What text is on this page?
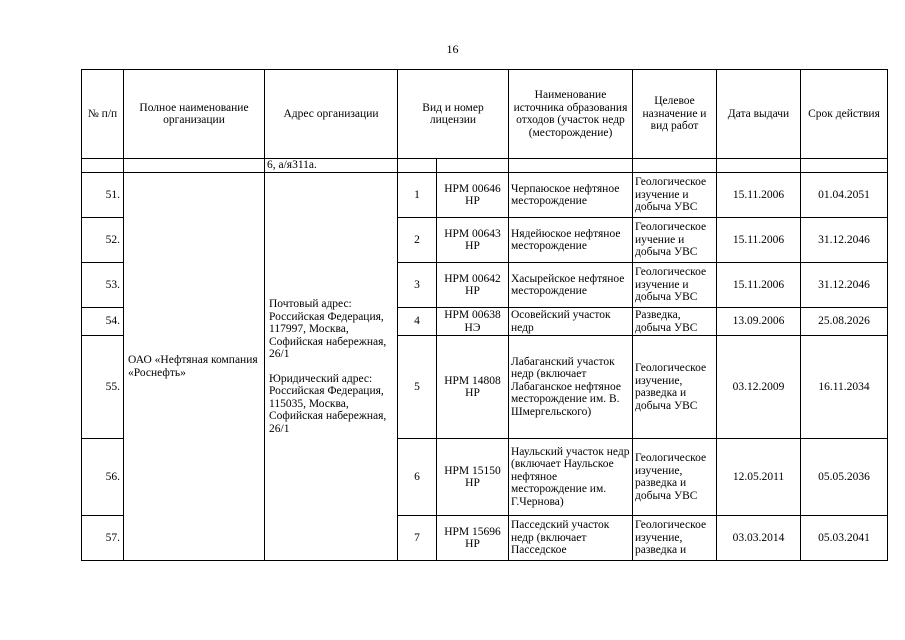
16
№ п/п	Полное наименование организации	Адрес организации	Вид и номер лицензии		Наименование источника образования отходов (участок недр (месторождение)	Целевое назначение и вид работ	Дата выдачи	Срок действия
		6, а/я311а.						
51.	ОАО «Нефтяная компания «Роснефть»	Почтовый адрес: Российская Федерация, 117997, Москва, Софийская набережная, 26/1
Юридический адрес: Российская Федерация, 115035, Москва, Софийская набережная, 26/1	1	НРМ 00646 НР	Черпаюское нефтяное месторождение	Геологическое изучение и добыча УВС	15.11.2006	01.04.2051
52.			2	НРМ 00643 НР	Нядейюское нефтяное месторождение	Геологическое иучение и добыча УВС	15.11.2006	31.12.2046
53.			3	НРМ 00642 НР	Хасырейское нефтяное месторождение	Геологическое изучение и добыча УВС	15.11.2006	31.12.2046
54.			4	НРМ 00638 НЭ	Осовейский участок недр	Разведка, добыча УВС	13.09.2006	25.08.2026
55.			5	НРМ 14808 НР	Лабаганский участок недр (включает Лабаганское нефтяное месторождение им. В. Шмергельского)	Геологическое изучение, разведка и добыча УВС	03.12.2009	16.11.2034
56.			6	НРМ 15150 НР	Наульский участок недр (включает Наульское нефтяное месторождение им. Г.Чернова)	Геологическое изучение, разведка и добыча УВС	12.05.2011	05.05.2036
57.			7	НРМ 15696 НР	Пасседский участок недр (включает Пасседское	Геологическое изучение, разведка и	03.03.2014	05.03.2041
